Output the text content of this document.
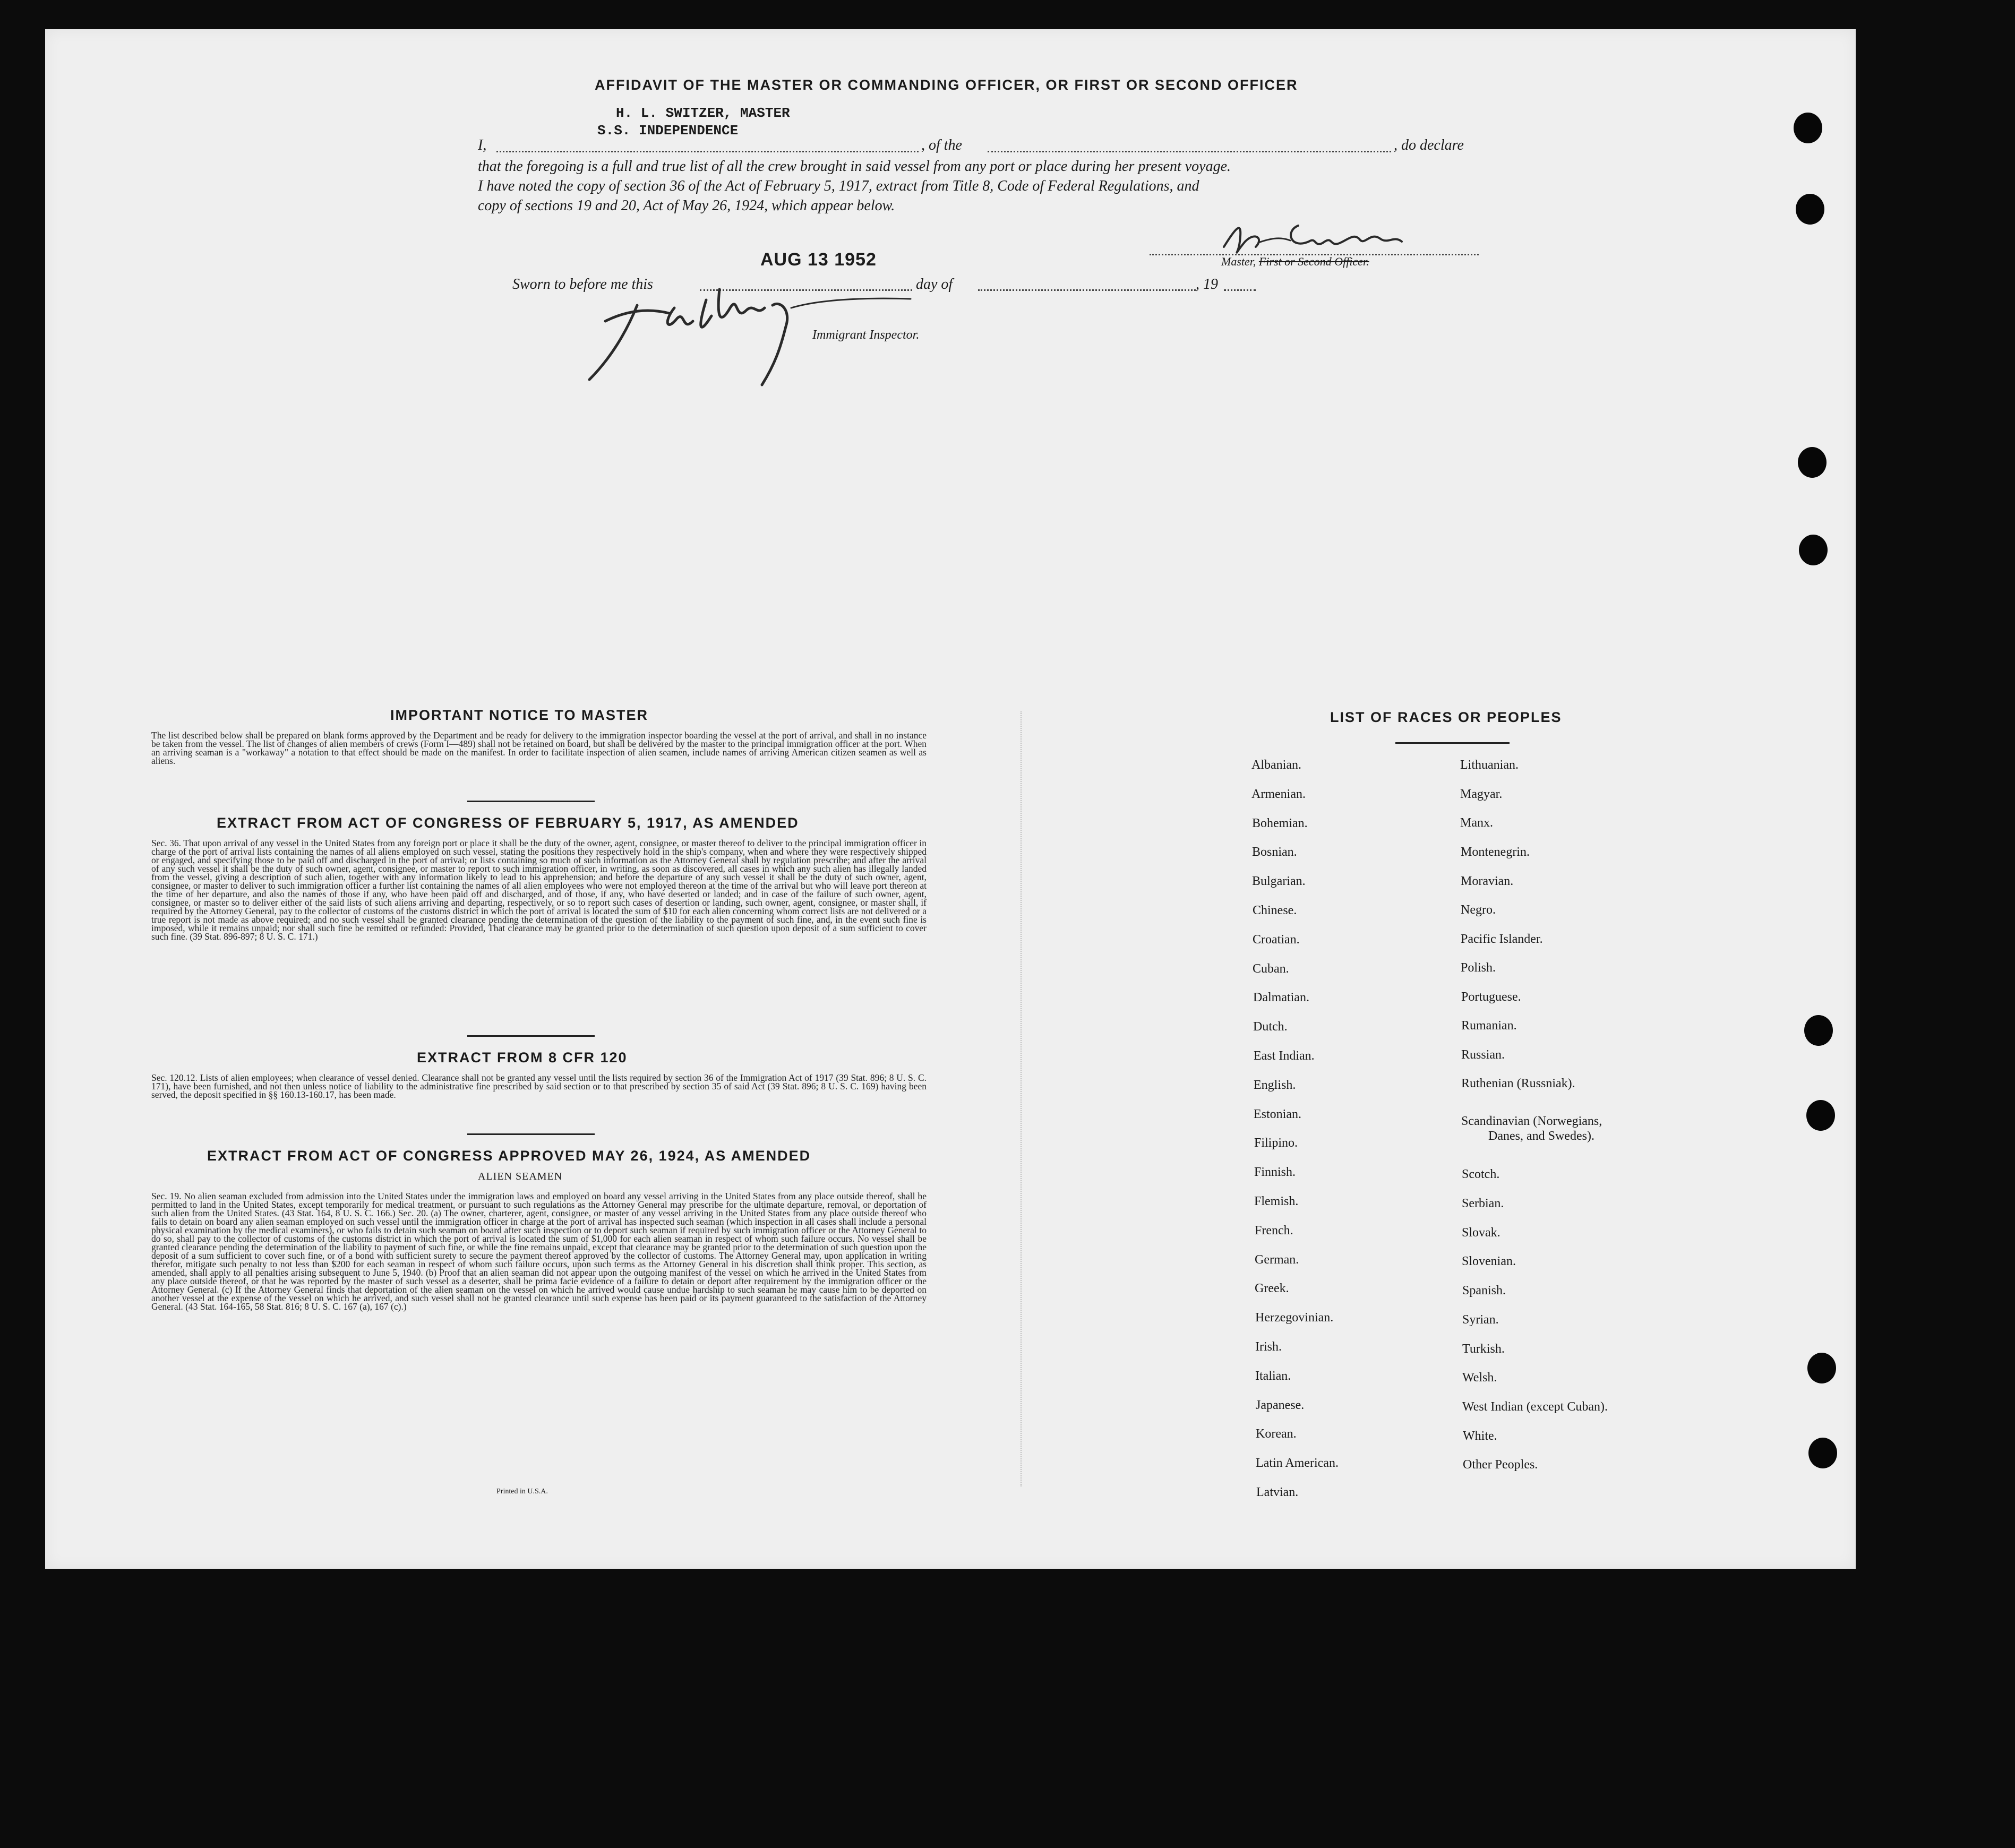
AFFIDAVIT OF THE MASTER OR COMMANDING OFFICER, OR FIRST OR SECOND OFFICER
H. L. SWITZER, MASTER
S.S. INDEPENDENCE
I,	, of the	, do declare
that the foregoing is a full and true list of all the crew brought in said vessel from any port or place during her present voyage.
I have noted the copy of section 36 of the Act of February 5, 1917, extract from Title 8, Code of Federal Regulations, and
copy of sections 19 and 20, Act of May 26, 1924, which appear below.
Master, First or Second Officer.
Sworn to before me this
AUG 13 1952
day of	, 19
Immigrant Inspector.
IMPORTANT NOTICE TO MASTER
The list described below shall be prepared on blank forms approved by the Department and be ready for delivery to the immigration inspector boarding the vessel at the port of arrival, and shall in no instance be taken from the vessel. The list of changes of alien members of crews (Form I—489) shall not be retained on board, but shall be delivered by the master to the principal immigration officer at the port. When an arriving seaman is a "workaway" a notation to that effect should be made on the manifest. In order to facilitate inspection of alien seamen, include names of arriving American citizen seamen as well as aliens.
EXTRACT FROM ACT OF CONGRESS OF FEBRUARY 5, 1917, AS AMENDED
Sec. 36. That upon arrival of any vessel in the United States from any foreign port or place it shall be the duty of the owner, agent, consignee, or master thereof to deliver to the principal immigration officer in charge of the port of arrival lists containing the names of all aliens employed on such vessel, stating the positions they respectively hold in the ship's company, when and where they were respectively shipped or engaged, and specifying those to be paid off and discharged in the port of arrival; or lists containing so much of such information as the Attorney General shall by regulation prescribe; and after the arrival of any such vessel it shall be the duty of such owner, agent, consignee, or master to report to such immigration officer, in writing, as soon as discovered, all cases in which any such alien has illegally landed from the vessel, giving a description of such alien, together with any information likely to lead to his apprehension; and before the departure of any such vessel it shall be the duty of such owner, agent, consignee, or master to deliver to such immigration officer a further list containing the names of all alien employees who were not employed thereon at the time of the arrival but who will leave port thereon at the time of her departure, and also the names of those if any, who have been paid off and discharged, and of those, if any, who have deserted or landed; and in case of the failure of such owner, agent, consignee, or master so to deliver either of the said lists of such aliens arriving and departing, respectively, or so to report such cases of desertion or landing, such owner, agent, consignee, or master shall, if required by the Attorney General, pay to the collector of customs of the customs district in which the port of arrival is located the sum of $10 for each alien concerning whom correct lists are not delivered or a true report is not made as above required; and no such vessel shall be granted clearance pending the determination of the question of the liability to the payment of such fine, and, in the event such fine is imposed, while it remains unpaid; nor shall such fine be remitted or refunded: Provided, That clearance may be granted prior to the determination of such question upon deposit of a sum sufficient to cover such fine. (39 Stat. 896-897; 8 U. S. C. 171.)
EXTRACT FROM 8 CFR 120
Sec. 120.12. Lists of alien employees; when clearance of vessel denied. Clearance shall not be granted any vessel until the lists required by section 36 of the Immigration Act of 1917 (39 Stat. 896; 8 U. S. C. 171), have been furnished, and not then unless notice of liability to the administrative fine prescribed by said section or to that prescribed by section 35 of said Act (39 Stat. 896; 8 U. S. C. 169) having been served, the deposit specified in §§ 160.13-160.17, has been made.
EXTRACT FROM ACT OF CONGRESS APPROVED MAY 26, 1924, AS AMENDED
ALIEN SEAMEN
Sec. 19. No alien seaman excluded from admission into the United States under the immigration laws and employed on board any vessel arriving in the United States from any place outside thereof, shall be permitted to land in the United States, except temporarily for medical treatment, or pursuant to such regulations as the Attorney General may prescribe for the ultimate departure, removal, or deportation of such alien from the United States. (43 Stat. 164, 8 U. S. C. 166.) Sec. 20. (a) The owner, charterer, agent, consignee, or master of any vessel arriving in the United States from any place outside thereof who fails to detain on board any alien seaman employed on such vessel until the immigration officer in charge at the port of arrival has inspected such seaman (which inspection in all cases shall include a personal physical examination by the medical examiners), or who fails to detain such seaman on board after such inspection or to deport such seaman if required by such immigration officer or the Attorney General to do so, shall pay to the collector of customs of the customs district in which the port of arrival is located the sum of $1,000 for each alien seaman in respect of whom such failure occurs. No vessel shall be granted clearance pending the determination of the liability to payment of such fine, or while the fine remains unpaid, except that clearance may be granted prior to the determination of such question upon the deposit of a sum sufficient to cover such fine, or of a bond with sufficient surety to secure the payment thereof approved by the collector of customs. The Attorney General may, upon application in writing therefor, mitigate such penalty to not less than $200 for each seaman in respect of whom such failure occurs, upon such terms as the Attorney General in his discretion shall think proper. This section, as amended, shall apply to all penalties arising subsequent to June 5, 1940. (b) Proof that an alien seaman did not appear upon the outgoing manifest of the vessel on which he arrived in the United States from any place outside thereof, or that he was reported by the master of such vessel as a deserter, shall be prima facie evidence of a failure to detain or deport after requirement by the immigration officer or the Attorney General. (c) If the Attorney General finds that deportation of the alien seaman on the vessel on which he arrived would cause undue hardship to such seaman he may cause him to be deported on another vessel at the expense of the vessel on which he arrived, and such vessel shall not be granted clearance until such expense has been paid or its payment guaranteed to the satisfaction of the Attorney General. (43 Stat. 164-165, 58 Stat. 816; 8 U. S. C. 167 (a), 167 (c).)
Printed in U.S.A.
LIST OF RACES OR PEOPLES
Albanian.
Armenian.
Bohemian.
Bosnian.
Bulgarian.
Chinese.
Croatian.
Cuban.
Dalmatian.
Dutch.
East Indian.
English.
Estonian.
Filipino.
Finnish.
Flemish.
French.
German.
Greek.
Herzegovinian.
Irish.
Italian.
Japanese.
Korean.
Latin American.
Latvian.
Lithuanian.
Magyar.
Manx.
Montenegrin.
Moravian.
Negro.
Pacific Islander.
Polish.
Portuguese.
Rumanian.
Russian.
Ruthenian (Russniak).
Scandinavian (Norwegians,
Danes, and Swedes).
Scotch.
Serbian.
Slovak.
Slovenian.
Spanish.
Syrian.
Turkish.
Welsh.
West Indian (except Cuban).
White.
Other Peoples.
